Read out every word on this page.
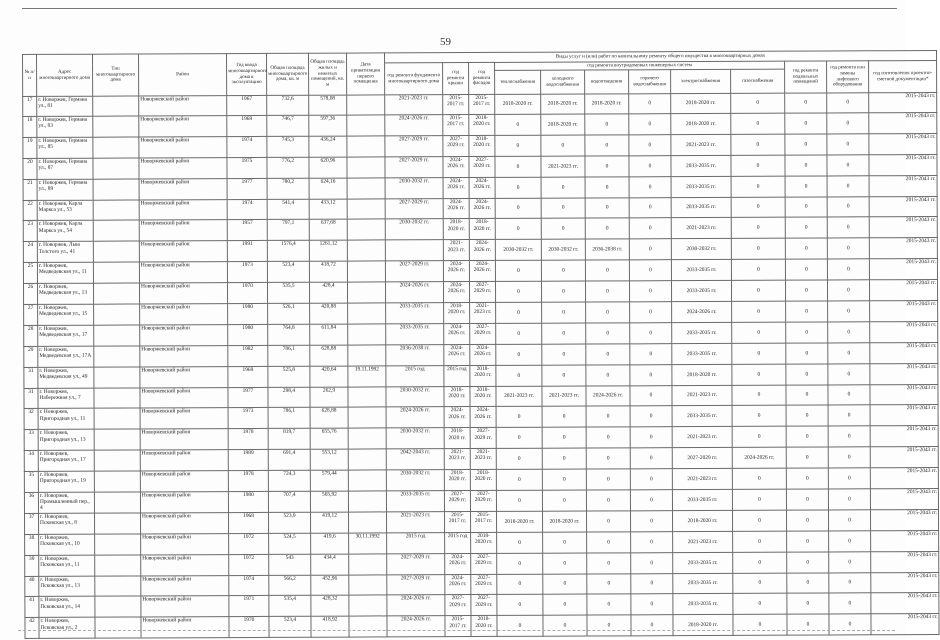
59
№ п/п	Адрес многоквартирного дома	Тип многоквартирного дома	Район	Год ввода многоквартирного дома в эксплуатацию	Общая площадь многоквартирного дома, кв. м	Общая площадь жилых и нежилых помещений, кв. м	Дата приватизации первого помещения	Виды услуг и (или) работ по капитальному ремонту общего имущества в многоквартирных домах											
								год ремонта фундамента многоквартирного дома	год ремонта крыши	год ремонта фасадов	год ремонта внутридомовых инженерных систем						год ремонта подвальных помещений	год ремонта или замены лифтового оборудования	год изготовления проектно-сметной документации*
											теплоснабжения	холодного водоснабжения	водоотведения	горячего водоснабжения	электроснабжения	газоснабжения			
17	г. Новоржев, Германа ул., 81		Новоржевский район	1967	732,6	578,08		2021-2023 гг.	2015-2017 гг.	2015-2017 гг.	2018-2020 гг.	2018-2020 гг.	2018-2020 гг.	0	2018-2020 гг.	0	0	0	2015-2043 гг.
18	г. Новоржев, Германа ул., 83		Новоржевский район	1969	746,7	597,36		2024-2026 гг.	2015-2017 гг.	2018-2020 гг.	0	2018-2020 гг.	0	0	2018-2020 гг.	0	0	0	2015-2043 гг.
19	г. Новоржев, Германа ул., 85		Новоржевский район	1974	745,3	436,24		2027-2029 гг.	2027-2029 гг.	2018-2020 гг.	0	0	0	0	2021-2023 гг.	0	0	0	2015-2043 гг.
20	г. Новоржев, Германа ул., 87		Новоржевский район	1975	776,2	620,96		2027-2029 гг.	2024-2026 гг.	2027-2029 гг.	0	2021-2023 гг.	0	0	2033-2035 гг.	0	0	0	2015-2043 гг.
21	г. Новоржев, Германа ул., 89		Новоржевский район	1977	780,2	624,16		2030-2032 гг.	2024-2026 гг.	2024-2026 гг.	0	0	0	0	2033-2035 гг.	0	0	0	2015-2043 гг.
22	г. Новоржев, Карла Маркса ул., 53		Новоржевский район	1974	541,4	433,12		2027-2029 гг.	2024-2026 гг.	2024-2026 гг.	0	0	0	0	2033-2035 гг.	0	0	0	2015-2043 гг.
23	г. Новоржев, Карла Маркса ул., 54		Новоржевский район	1957	797,1	637,68		2030-2032 гг.	2018-2020 гг.	2018-2020 гг.	0	0	0	0	2021-2023 гг.	0	0	0	2015-2043 гг.
24	г. Новоржев, Льва Толстого ул., 41		Новоржевский район	1991	1576,4	1261,12			2021-2023 гг.	2024-2026 гг.	2030-2032 гг.	2030-2032 гг.	2036-2038 гг.	0	2030-2032 гг.	0	0	0	2015-2043 гг.
25	г. Новоржев, Медведевская ул., 11		Новоржевский район	1973	523,4	418,72		2027-2029 гг.	2024-2026 гг.	2024-2026 гг.	0	0	0	0	2033-2035 гг.	0	0	0	2015-2043 гг.
26	г. Новоржев, Медведевская ул., 13		Новоржевский район	1970	535,5	428,4		2024-2026 гг.	2024-2026 гг.	2027-2029 гг.	0	0	0	0	2033-2035 гг.	0	0	0	2015-2043 гг.
27	г. Новоржев, Медведевская ул., 15		Новоржевский район	1980	526,1	420,88		2033-2035 гг.	2018-2020 гг.	2021-2023 гг.	0	0	0	0	2024-2026 гг.	0	0	0	2015-2043 гг.
28	г. Новоржев, Медведевская ул., 17		Новоржевский район	1980	764,8	611,84		2033-2035 гг.	2024-2026 гг.	2027-2029 гг.	0	0	0	0	2033-2035 гг.	0	0	0	2015-2043 гг.
29	г. Новоржев, Медведевская ул., 17А		Новоржевский район	1982	786,1	628,88		2036-2038 гг.	2024-2026 гг.	2024-2026 гг.	0	0	0	0	2033-2035 гг.	0	0	0	2015-2043 гг.
31	г. Новоржев, Медведевская ул., 49		Новоржевский район	1969	525,8	420,64	19.11.1992	2015 год	2015 год	2018-2020 гг.	0	0	0	0	2018-2020 гг.	0	0	0	2015-2043 гг.
31	г. Новоржев, Набережная ул., 7		Новоржевский район	1977	298,4	262,9		2030-2032 гг.	2018-2020 гг.	2018-2020 гг.	2021-2023 гг.	2021-2023 гг.	2024-2026 гг.	0	2021-2023 гг.	0	0	0	2015-2043 гг.
32	г. Новоржев, Пригородная ул., 11		Новоржевский район	1973	786,1	628,88		2024-2026 гг.	2024-2026 гг.	2024-2026 гг.	0	0	0	0	2033-2035 гг.	0	0	0	2015-2043 гг.
33	г. Новоржев, Пригородная ул., 13		Новоржевский район	1978	819,7	655,76		2030-2032 гг.	2018-2020 гг.	2027-2029 гг.	0	0	0	0	2021-2023 гг.	0	0	0	2015-2043 гг.
34	г. Новоржев, Пригородная ул., 17		Новоржевский район	1989	691,4	553,12		2042-2043 гг.	2021-2023 гг.	2021-2023 гг.	0	0	0	0	2027-2029 гг.	2024-2026 гг.	0	0	2015-2043 гг.
35	г. Новоржев, Пригородная ул., 19		Новоржевский район	1978	724,3	579,44		2030-2032 гг.	2018-2020 гг.	2018-2020 гг.	0	0	0	0	2021-2023 гг.	0	0	0	2015-2043 гг.
36	г. Новоржев, Промышленный пер., 4		Новоржевский район	1980	707,4	565,92		2033-2035 гг.	2027-2029 гг.	2027-2029 гг.	0	0	0	0	2033-2035 гг.	0	0	0	2015-2043 гг.
37	г. Новоржев, Псковская ул., 8		Новоржевский район	1968	523,9	419,12		2021-2023 гг.	2015-2017 гг.	2015-2017 гг.	2018-2020 гг.	2018-2020 гг.	0	0	2018-2020 гг.	0	0	0	2015-2043 гг.
38	г. Новоржев, Псковская ул., 10		Новоржевский район	1972	524,5	419,6	30.11.1992	2015 год	2015 год	2018-2020 гг.	0	0	0	0	2021-2023 гг.	0	0	0	2015-2043 гг.
39	г. Новоржев, Псковская ул., 11		Новоржевский район	1972	543	434,4		2027-2029 гг.	2024-2026 гг.	2027-2029 гг.	0	0	0	0	2033-2035 гг.	0	0	0	2015-2043 гг.
40	г. Новоржев, Псковская ул., 13		Новоржевский район	1974	566,2	452,96		2027-2029 гг.	2024-2026 гг.	2027-2029 гг.	0	0	0	0	2033-2035 гг.	0	0	0	2015-2043 гг.
41	г. Новоржев, Псковская ул., 14		Новоржевский район	1971	535,4	428,32		2024-2026 гг.	2027-2029 гг.	2027-2029 гг.	0	0	0	0	2033-2035 гг.	0	0	0	2015-2043 гг.
42	г. Новоржев, Псковская ул., 2		Новоржевский район	1970	523,4	418,92		2024-2026 гг.	2015-2017 гг.	2018-2020 гг.	0	0	0	0	2018-2020 гг.	0	0	0	2015-2043 гг.
